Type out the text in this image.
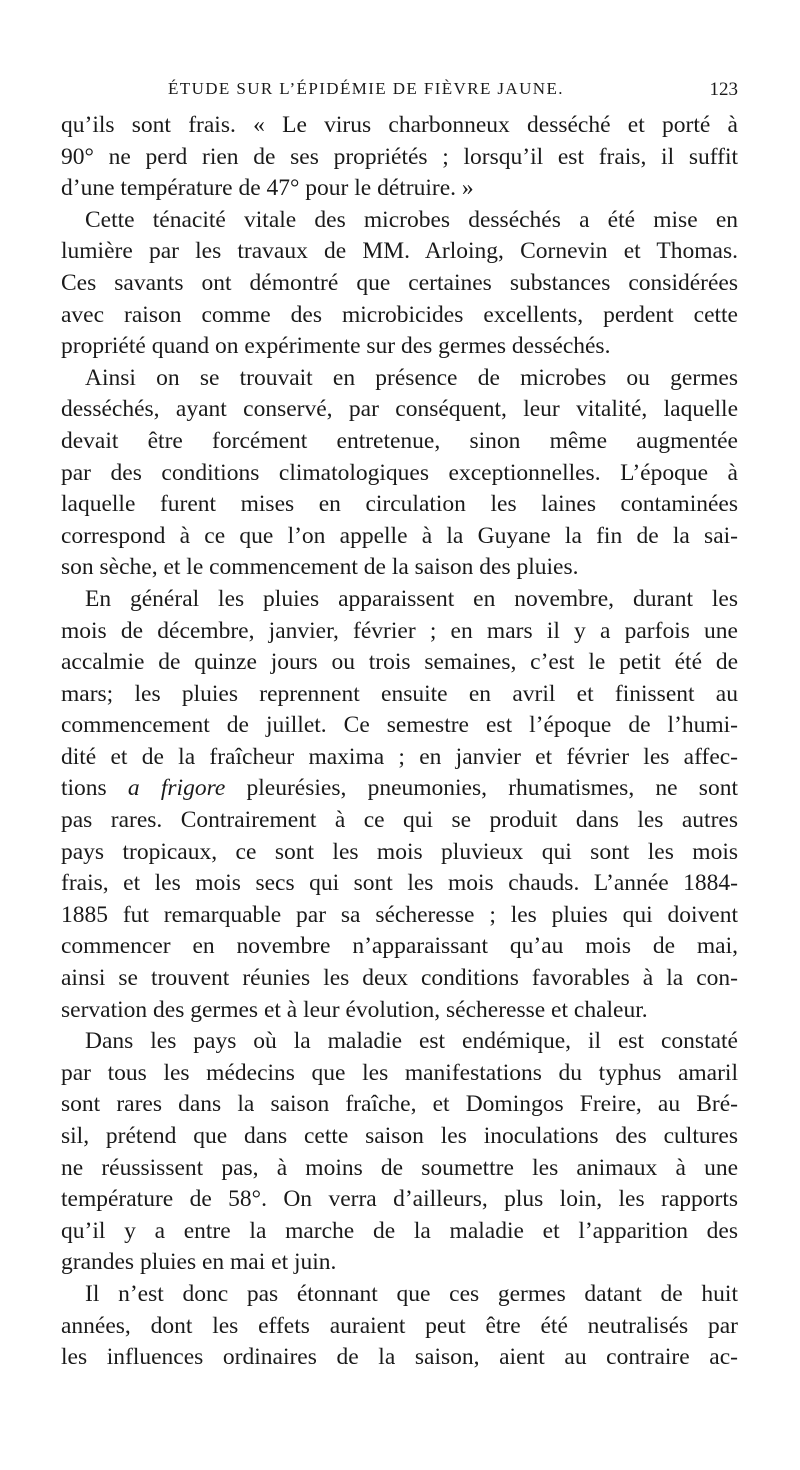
ÉTUDE SUR L’ÉPIDÉMIE DE FIÈVRE JAUNE.	123
qu’ils sont frais. « Le virus charbonneux desséché et porté à
90° ne perd rien de ses propriétés ; lorsqu’il est frais, il suffit
d’une température de 47° pour le détruire. »
Cette ténacité vitale des microbes desséchés a été mise en
lumière par les travaux de MM. Arloing, Cornevin et Thomas.
Ces savants ont démontré que certaines substances considérées
avec raison comme des microbicides excellents, perdent cette
propriété quand on expérimente sur des germes desséchés.
Ainsi on se trouvait en présence de microbes ou germes
desséchés, ayant conservé, par conséquent, leur vitalité, laquelle
devait être forcément entretenue, sinon même augmentée
par des conditions climatologiques exceptionnelles. L’époque à
laquelle furent mises en circulation les laines contaminées
correspond à ce que l’on appelle à la Guyane la fin de la sai-
son sèche, et le commencement de la saison des pluies.
En général les pluies apparaissent en novembre, durant les
mois de décembre, janvier, février ; en mars il y a parfois une
accalmie de quinze jours ou trois semaines, c’est le petit été de
mars; les pluies reprennent ensuite en avril et finissent au
commencement de juillet. Ce semestre est l’époque de l’humi-
dité et de la fraîcheur maxima ; en janvier et février les affec-
tions a frigore pleurésies, pneumonies, rhumatismes, ne sont
pas rares. Contrairement à ce qui se produit dans les autres
pays tropicaux, ce sont les mois pluvieux qui sont les mois
frais, et les mois secs qui sont les mois chauds. L’année 1884-
1885 fut remarquable par sa sécheresse ; les pluies qui doivent
commencer en novembre n’apparaissant qu’au mois de mai,
ainsi se trouvent réunies les deux conditions favorables à la con-
servation des germes et à leur évolution, sécheresse et chaleur.
Dans les pays où la maladie est endémique, il est constaté
par tous les médecins que les manifestations du typhus amaril
sont rares dans la saison fraîche, et Domingos Freire, au Bré-
sil, prétend que dans cette saison les inoculations des cultures
ne réussissent pas, à moins de soumettre les animaux à une
température de 58°. On verra d’ailleurs, plus loin, les rapports
qu’il y a entre la marche de la maladie et l’apparition des
grandes pluies en mai et juin.
Il n’est donc pas étonnant que ces germes datant de huit
années, dont les effets auraient peut être été neutralisés par
les influences ordinaires de la saison, aient au contraire ac-
